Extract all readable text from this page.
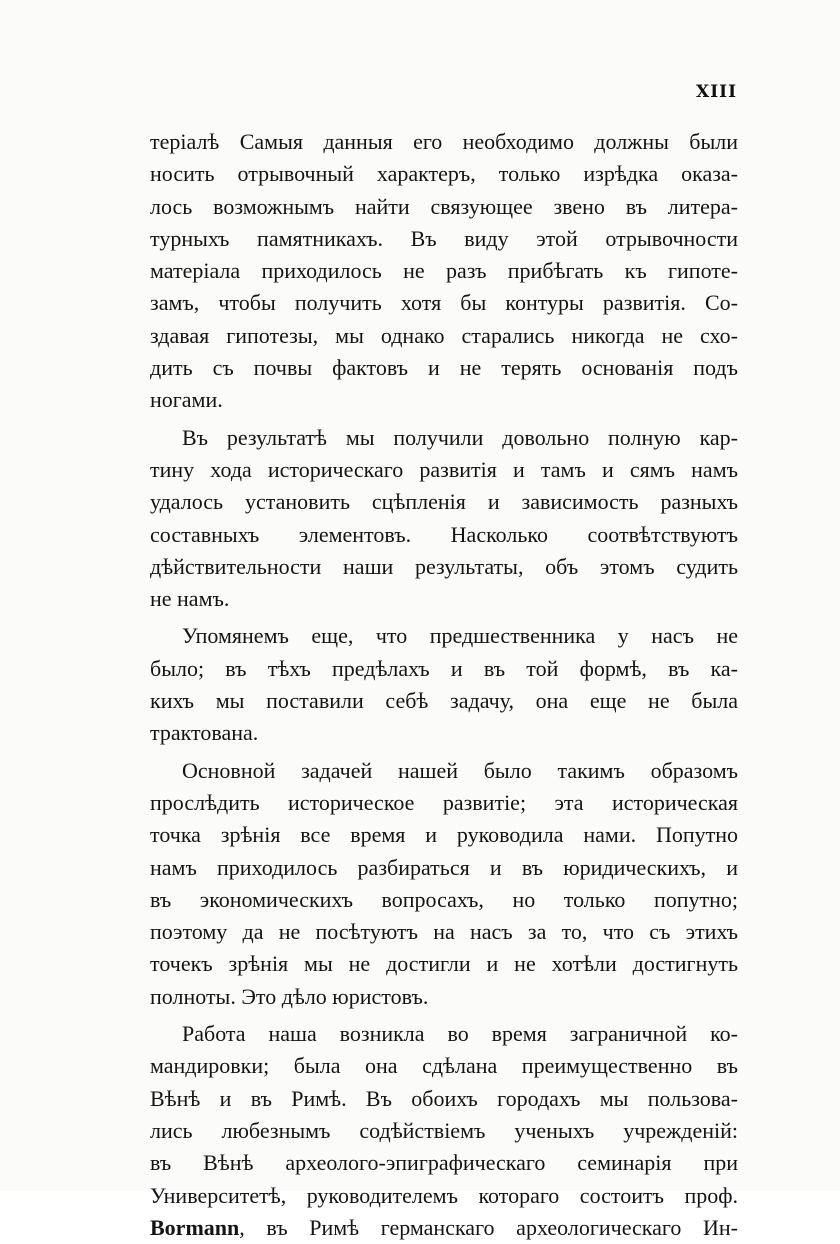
XIII
теріалѣ Самыя данныя его необходимо должны были
носить отрывочный характеръ, только изрѣдка оказа-
лось возможнымъ найти связующее звено въ литера-
турныхъ памятникахъ. Въ виду этой отрывочности
матеріала приходилось не разъ прибѣгать къ гипоте-
замъ, чтобы получить хотя бы контуры развитія. Со-
здавая гипотезы, мы однако старались никогда не схо-
дить съ почвы фактовъ и не терять основанія подъ
ногами.
Въ результатѣ мы получили довольно полную кар-
тину хода историческаго развитія и тамъ и сямъ намъ
удалось установить сцѣпленія и зависимость разныхъ
составныхъ элементовъ. Насколько соотвѣтствуютъ
дѣйствительности наши результаты, объ этомъ судить
не намъ.
Упомянемъ еще, что предшественника у насъ не
было; въ тѣхъ предѣлахъ и въ той формѣ, въ ка-
кихъ мы поставили себѣ задачу, она еще не была
трактована.
Основной задачей нашей было такимъ образомъ
прослѣдить историческое развитіе; эта историческая
точка зрѣнія все время и руководила нами. Попутно
намъ приходилось разбираться и въ юридическихъ, и
въ экономическихъ вопросахъ, но только попутно;
поэтому да не посѣтуютъ на насъ за то, что съ этихъ
точекъ зрѣнія мы не достигли и не хотѣли достигнуть
полноты. Это дѣло юристовъ.
Работа наша возникла во время заграничной ко-
мандировки; была она сдѣлана преимущественно въ
Вѣнѣ и въ Римѣ. Въ обоихъ городахъ мы пользова-
лись любезнымъ содѣйствіемъ ученыхъ учрежденій:
въ Вѣнѣ археолого-эпиграфическаго семинарія при
Университетѣ, руководителемъ котораго состоитъ проф.
Bormann, въ Римѣ германскаго археологическаго Ин-
